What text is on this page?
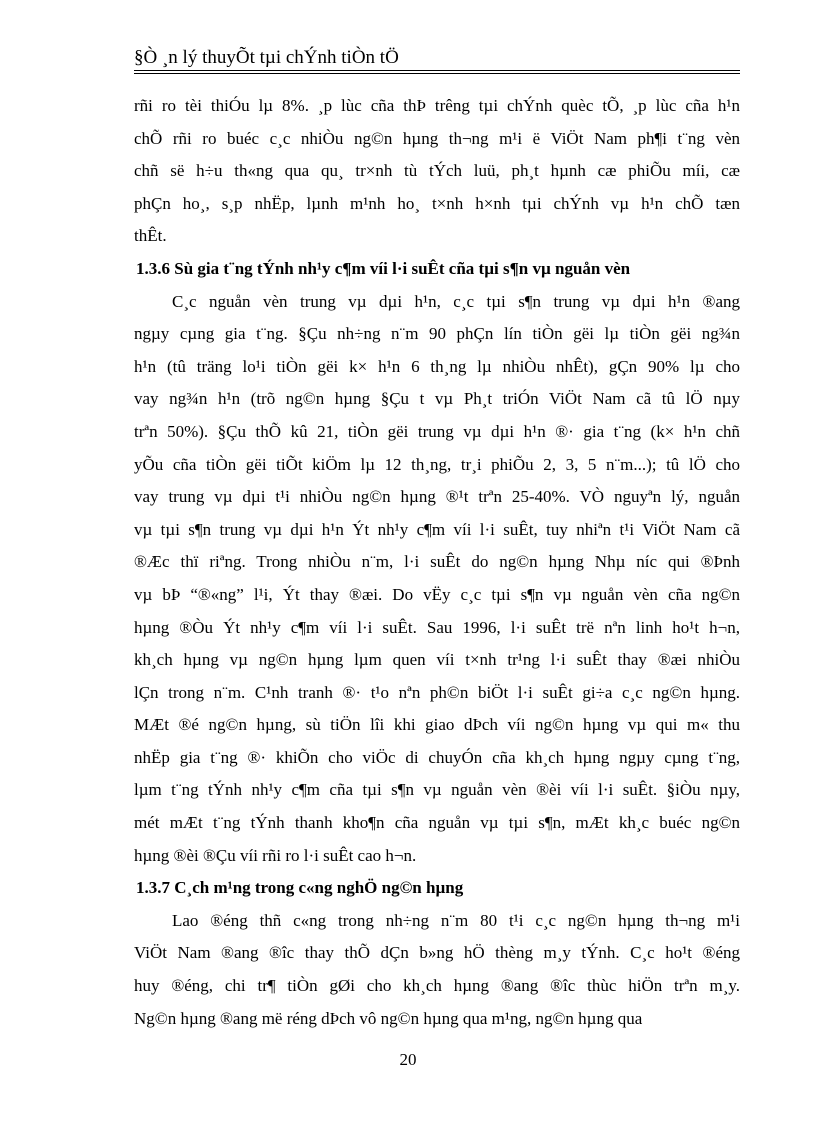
§Ò ¸n lý thuyÕt tµi chÝnh tiÒn tÖ
rñi ro tèi thiÓu lµ 8%. ¸p lùc cña thÞ trêng tµi chÝnh quèc tÕ, ¸p lùc cña h¹n
chÕ rñi ro buéc c¸c nhiÒu ng©n hµng th¬ng m¹i ë ViÖt Nam ph¶i t¨ng vèn
chñ së h÷u th«ng qua qu¸ tr×nh tù tÝch luü, ph¸t hµnh cæ phiÕu míi, cæ
phÇn ho¸, s¸p nhËp, lµnh m¹nh ho¸ t×nh h×nh tµi chÝnh vµ h¹n chÕ tæn
thÊt.
1.3.6 Sù gia t¨ng tÝnh nh¹y c¶m víi l·i suÊt cña tµi s¶n vµ nguån vèn
C¸c nguån vèn trung vµ dµi h¹n, c¸c tµi s¶n trung vµ dµi h¹n ®ang
ngµy cµng gia t¨ng. §Çu nh÷ng n¨m 90 phÇn lín tiÒn gëi lµ tiÒn gëi ng¾n
h¹n (tû träng lo¹i tiÒn gëi k× h¹n 6 th¸ng lµ nhiÒu nhÊt), gÇn 90% lµ cho
vay ng¾n h¹n (trõ ng©n hµng §Çu t vµ Ph¸t triÓn ViÖt Nam cã tû lÖ nµy
trªn 50%). §Çu thÕ kû 21, tiÒn gëi trung vµ dµi h¹n ®· gia t¨ng (k× h¹n chñ
yÕu cña tiÒn gëi tiÕt kiÖm lµ 12 th¸ng, tr¸i phiÕu 2, 3, 5 n¨m...); tû lÖ cho
vay trung vµ dµi t¹i nhiÒu ng©n hµng ®¹t trªn 25-40%. VÒ nguyªn lý, nguån
vµ tµi s¶n trung vµ dµi h¹n Ýt nh¹y c¶m víi l·i suÊt, tuy nhiªn t¹i ViÖt Nam cã
®Æc thï riªng. Trong nhiÒu n¨m, l·i suÊt do ng©n hµng Nhµ níc qui ®Þnh
vµ bÞ “®«ng” l¹i, Ýt thay ®æi. Do vËy c¸c tµi s¶n vµ nguån vèn cña ng©n
hµng ®Òu Ýt nh¹y c¶m víi l·i suÊt. Sau 1996, l·i suÊt trë nªn linh ho¹t h¬n,
kh¸ch hµng vµ ng©n hµng lµm quen víi t×nh tr¹ng l·i suÊt thay ®æi nhiÒu
lÇn trong n¨m. C¹nh tranh ®· t¹o nªn ph©n biÖt l·i suÊt gi÷a c¸c ng©n hµng.
MÆt ®é ng©n hµng, sù tiÖn lîi khi giao dÞch víi ng©n hµng vµ qui m« thu
nhËp gia t¨ng ®· khiÕn cho viÖc di chuyÓn cña kh¸ch hµng ngµy cµng t¨ng,
lµm t¨ng tÝnh nh¹y c¶m cña tµi s¶n vµ nguån vèn ®èi víi l·i suÊt. §iÒu nµy,
mét mÆt t¨ng tÝnh thanh kho¶n cña nguån vµ tµi s¶n, mÆt kh¸c buéc ng©n
hµng ®èi ®Çu víi rñi ro l·i suÊt cao h¬n.
1.3.7 C¸ch m¹ng trong c«ng nghÖ ng©n hµng
Lao ®éng thñ c«ng trong nh÷ng n¨m 80 t¹i c¸c ng©n hµng th¬ng m¹i
ViÖt Nam ®ang ®îc thay thÕ dÇn b»ng hÖ thèng m¸y tÝnh. C¸c ho¹t ®éng
huy ®éng, chi tr¶ tiÒn gØi cho kh¸ch hµng ®ang ®îc thùc hiÖn trªn m¸y.
Ng©n hµng ®ang më réng dÞch vô ng©n hµng qua m¹ng, ng©n hµng qua
20
